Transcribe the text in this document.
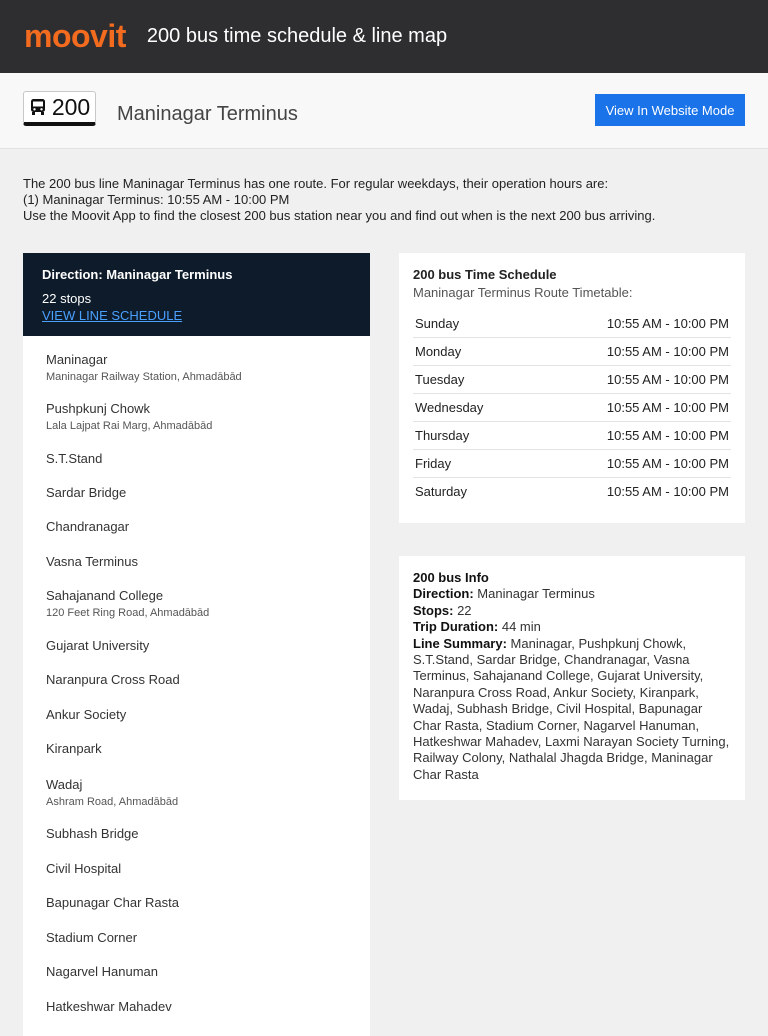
moovit 200 bus time schedule & line map
200 Maninagar Terminus	View In Website Mode
The 200 bus line Maninagar Terminus has one route. For regular weekdays, their operation hours are:
(1) Maninagar Terminus: 10:55 AM - 10:00 PM
Use the Moovit App to find the closest 200 bus station near you and find out when is the next 200 bus arriving.
Direction: Maninagar Terminus
22 stops
VIEW LINE SCHEDULE
Maninagar
Maninagar Railway Station, Ahmadābād
Pushpkunj Chowk
Lala Lajpat Rai Marg, Ahmadābād
S.T.Stand
Sardar Bridge
Chandranagar
Vasna Terminus
Sahajanand College
120 Feet Ring Road, Ahmadābād
Gujarat University
Naranpura Cross Road
Ankur Society
Kiranpark
Wadaj
Ashram Road, Ahmadābād
Subhash Bridge
Civil Hospital
Bapunagar Char Rasta
Stadium Corner
Nagarvel Hanuman
Hatkeshwar Mahadev
200 bus Time Schedule
Maninagar Terminus Route Timetable:
Sunday	10:55 AM - 10:00 PM
Monday	10:55 AM - 10:00 PM
Tuesday	10:55 AM - 10:00 PM
Wednesday	10:55 AM - 10:00 PM
Thursday	10:55 AM - 10:00 PM
Friday	10:55 AM - 10:00 PM
Saturday	10:55 AM - 10:00 PM
200 bus Info
Direction: Maninagar Terminus
Stops: 22
Trip Duration: 44 min
Line Summary: Maninagar, Pushpkunj Chowk, S.T.Stand, Sardar Bridge, Chandranagar, Vasna Terminus, Sahajanand College, Gujarat University, Naranpura Cross Road, Ankur Society, Kiranpark, Wadaj, Subhash Bridge, Civil Hospital, Bapunagar Char Rasta, Stadium Corner, Nagarvel Hanuman, Hatkeshwar Mahadev, Laxmi Narayan Society Turning, Railway Colony, Nathalal Jhagda Bridge, Maninagar Char Rasta
